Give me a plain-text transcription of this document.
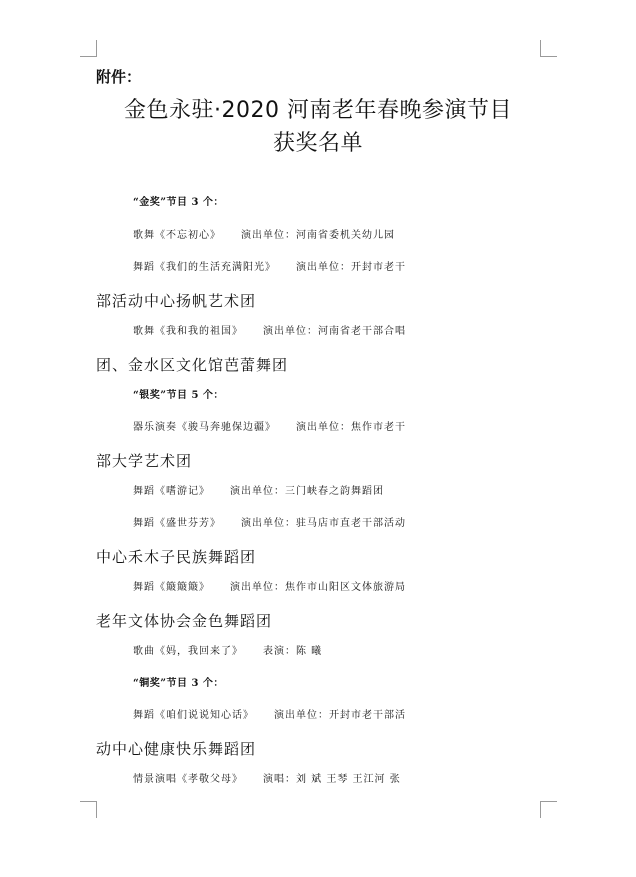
附件：
金色永驻·2020 河南老年春晚参演节目
获奖名单
“金奖”节目 3 个：
歌舞《不忘初心》 演出单位：河南省委机关幼儿园
舞蹈《我们的生活充满阳光》 演出单位：开封市老干
部活动中心扬帆艺术团
歌舞《我和我的祖国》 演出单位：河南省老干部合唱
团、金水区文化馆芭蕾舞团
“银奖”节目 5 个：
器乐演奏《骏马奔驰保边疆》 演出单位：焦作市老干
部大学艺术团
舞蹈《嗜游记》 演出单位：三门峡春之韵舞蹈团
舞蹈《盛世芬芳》 演出单位：驻马店市直老干部活动
中心禾木子民族舞蹈团
舞蹈《簸簸簸》 演出单位：焦作市山阳区文体旅游局
老年文体协会金色舞蹈团
歌曲《妈，我回来了》 表演：陈 曦
“铜奖”节目 3 个：
舞蹈《咱们说说知心话》 演出单位：开封市老干部活
动中心健康快乐舞蹈团
情景演唱《孝敬父母》 演唱：刘 斌 王琴 王江河 张
